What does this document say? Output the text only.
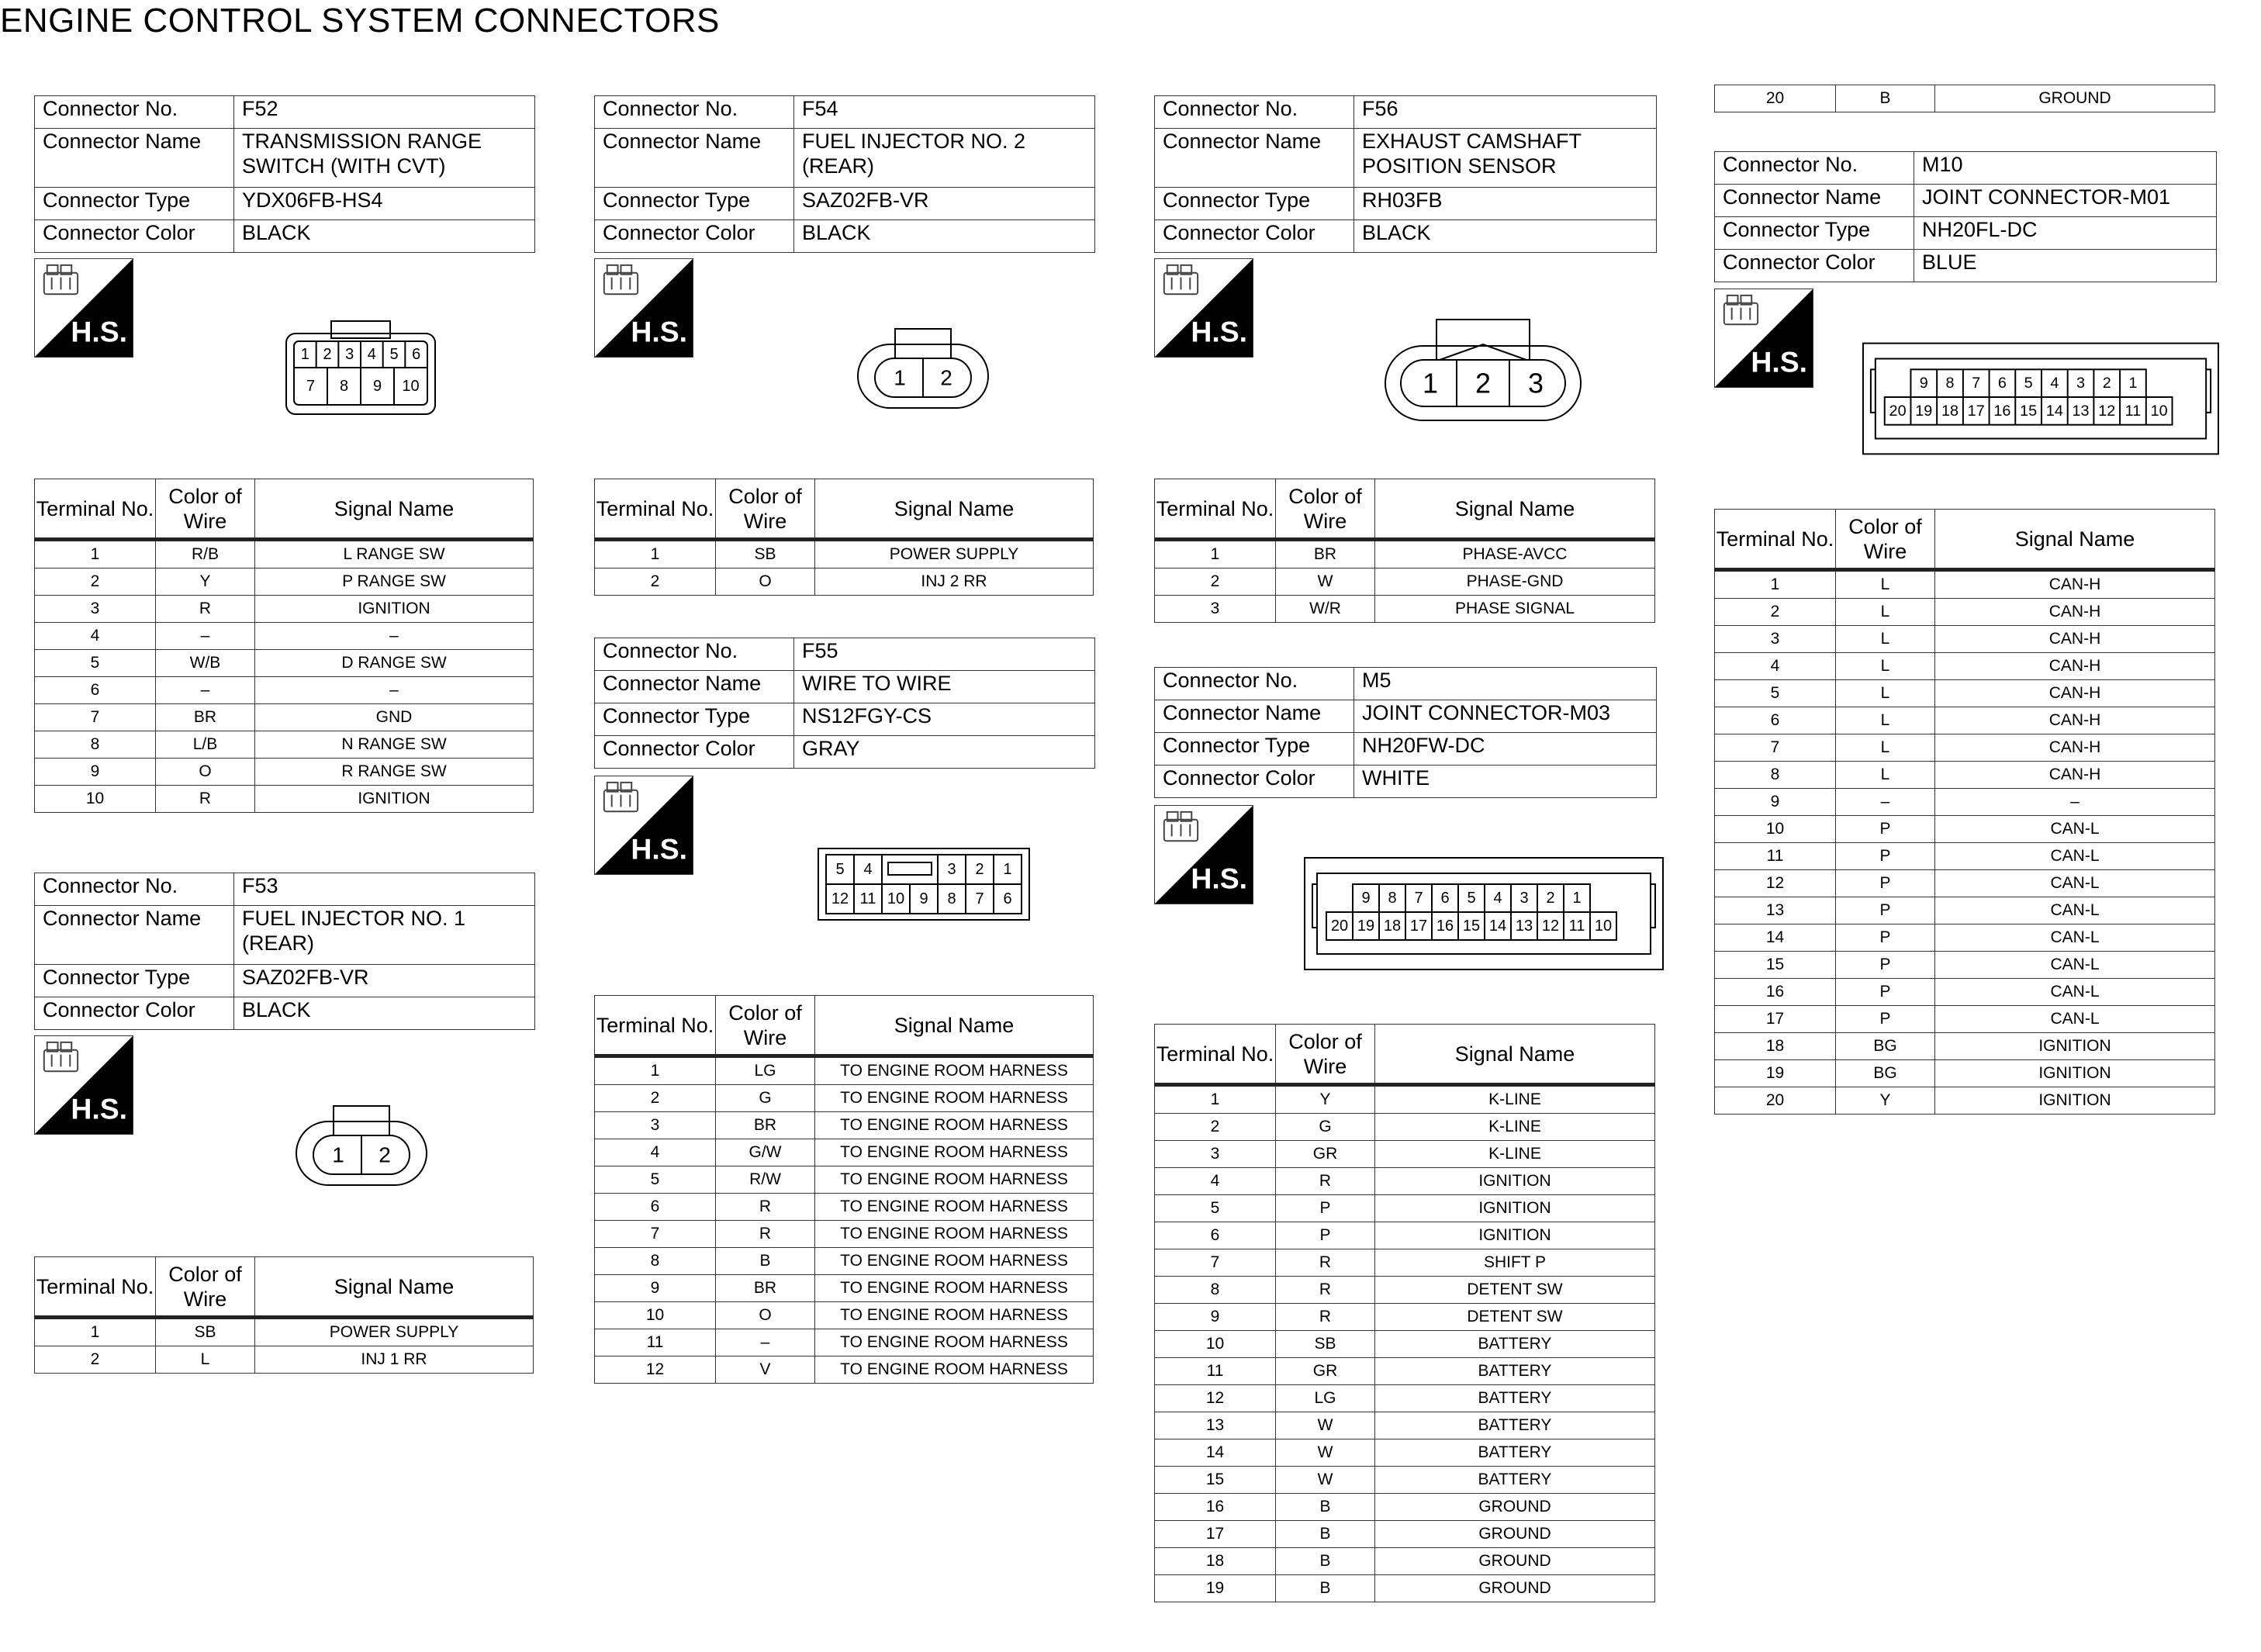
ENGINE CONTROL SYSTEM CONNECTORS
Connector No.	F52
Connector Name	TRANSMISSION RANGE SWITCH (WITH CVT)
Connector Type	YDX06FB-HS4
Connector Color	BLACK
H.S.
1 2 3 4 5 6
7 8 9 10
Terminal No.	Color of Wire	Signal Name
1	R/B	L RANGE SW
2	Y	P RANGE SW
3	R	IGNITION
4	–	–
5	W/B	D RANGE SW
6	–	–
7	BR	GND
8	L/B	N RANGE SW
9	O	R RANGE SW
10	R	IGNITION
Connector No.	F53
Connector Name	FUEL INJECTOR NO. 1 (REAR)
Connector Type	SAZ02FB-VR
Connector Color	BLACK
H.S.
1 2
Terminal No.	Color of Wire	Signal Name
1	SB	POWER SUPPLY
2	L	INJ 1 RR
Connector No.	F54
Connector Name	FUEL INJECTOR NO. 2 (REAR)
Connector Type	SAZ02FB-VR
Connector Color	BLACK
H.S.
1 2
Terminal No.	Color of Wire	Signal Name
1	SB	POWER SUPPLY
2	O	INJ 2 RR
Connector No.	F55
Connector Name	WIRE TO WIRE
Connector Type	NS12FGY-CS
Connector Color	GRAY
H.S.
12 11 10 9 8 7 6
5 4	3 2 1
Terminal No.	Color of Wire	Signal Name
1	LG	TO ENGINE ROOM HARNESS
2	G	TO ENGINE ROOM HARNESS
3	BR	TO ENGINE ROOM HARNESS
4	G/W	TO ENGINE ROOM HARNESS
5	R/W	TO ENGINE ROOM HARNESS
6	R	TO ENGINE ROOM HARNESS
7	R	TO ENGINE ROOM HARNESS
8	B	TO ENGINE ROOM HARNESS
9	BR	TO ENGINE ROOM HARNESS
10	O	TO ENGINE ROOM HARNESS
11	–	TO ENGINE ROOM HARNESS
12	V	TO ENGINE ROOM HARNESS
Connector No.	F56
Connector Name	EXHAUST CAMSHAFT POSITION SENSOR
Connector Type	RH03FB
Connector Color	BLACK
H.S.
1 2 3
Terminal No.	Color of Wire	Signal Name
1	BR	PHASE-AVCC
2	W	PHASE-GND
3	W/R	PHASE SIGNAL
Connector No.	M5
Connector Name	JOINT CONNECTOR-M03
Connector Type	NH20FW-DC
Connector Color	WHITE
H.S.
9 8 7 6 5 4 3 2 1
20 19 18 17 16 15 14 13 12 11 10
Terminal No.	Color of Wire	Signal Name
1	Y	K-LINE
2	G	K-LINE
3	GR	K-LINE
4	R	IGNITION
5	P	IGNITION
6	P	IGNITION
7	R	SHIFT P
8	R	DETENT SW
9	R	DETENT SW
10	SB	BATTERY
11	GR	BATTERY
12	LG	BATTERY
13	W	BATTERY
14	W	BATTERY
15	W	BATTERY
16	B	GROUND
17	B	GROUND
18	B	GROUND
19	B	GROUND
20	B	GROUND
Connector No.	M10
Connector Name	JOINT CONNECTOR-M01
Connector Type	NH20FL-DC
Connector Color	BLUE
H.S.
9 8 7 6 5 4 3 2 1
20 19 18 17 16 15 14 13 12 11 10
Terminal No.	Color of Wire	Signal Name
1	L	CAN-H
2	L	CAN-H
3	L	CAN-H
4	L	CAN-H
5	L	CAN-H
6	L	CAN-H
7	L	CAN-H
8	L	CAN-H
9	–	–
10	P	CAN-L
11	P	CAN-L
12	P	CAN-L
13	P	CAN-L
14	P	CAN-L
15	P	CAN-L
16	P	CAN-L
17	P	CAN-L
18	BG	IGNITION
19	BG	IGNITION
20	Y	IGNITION
